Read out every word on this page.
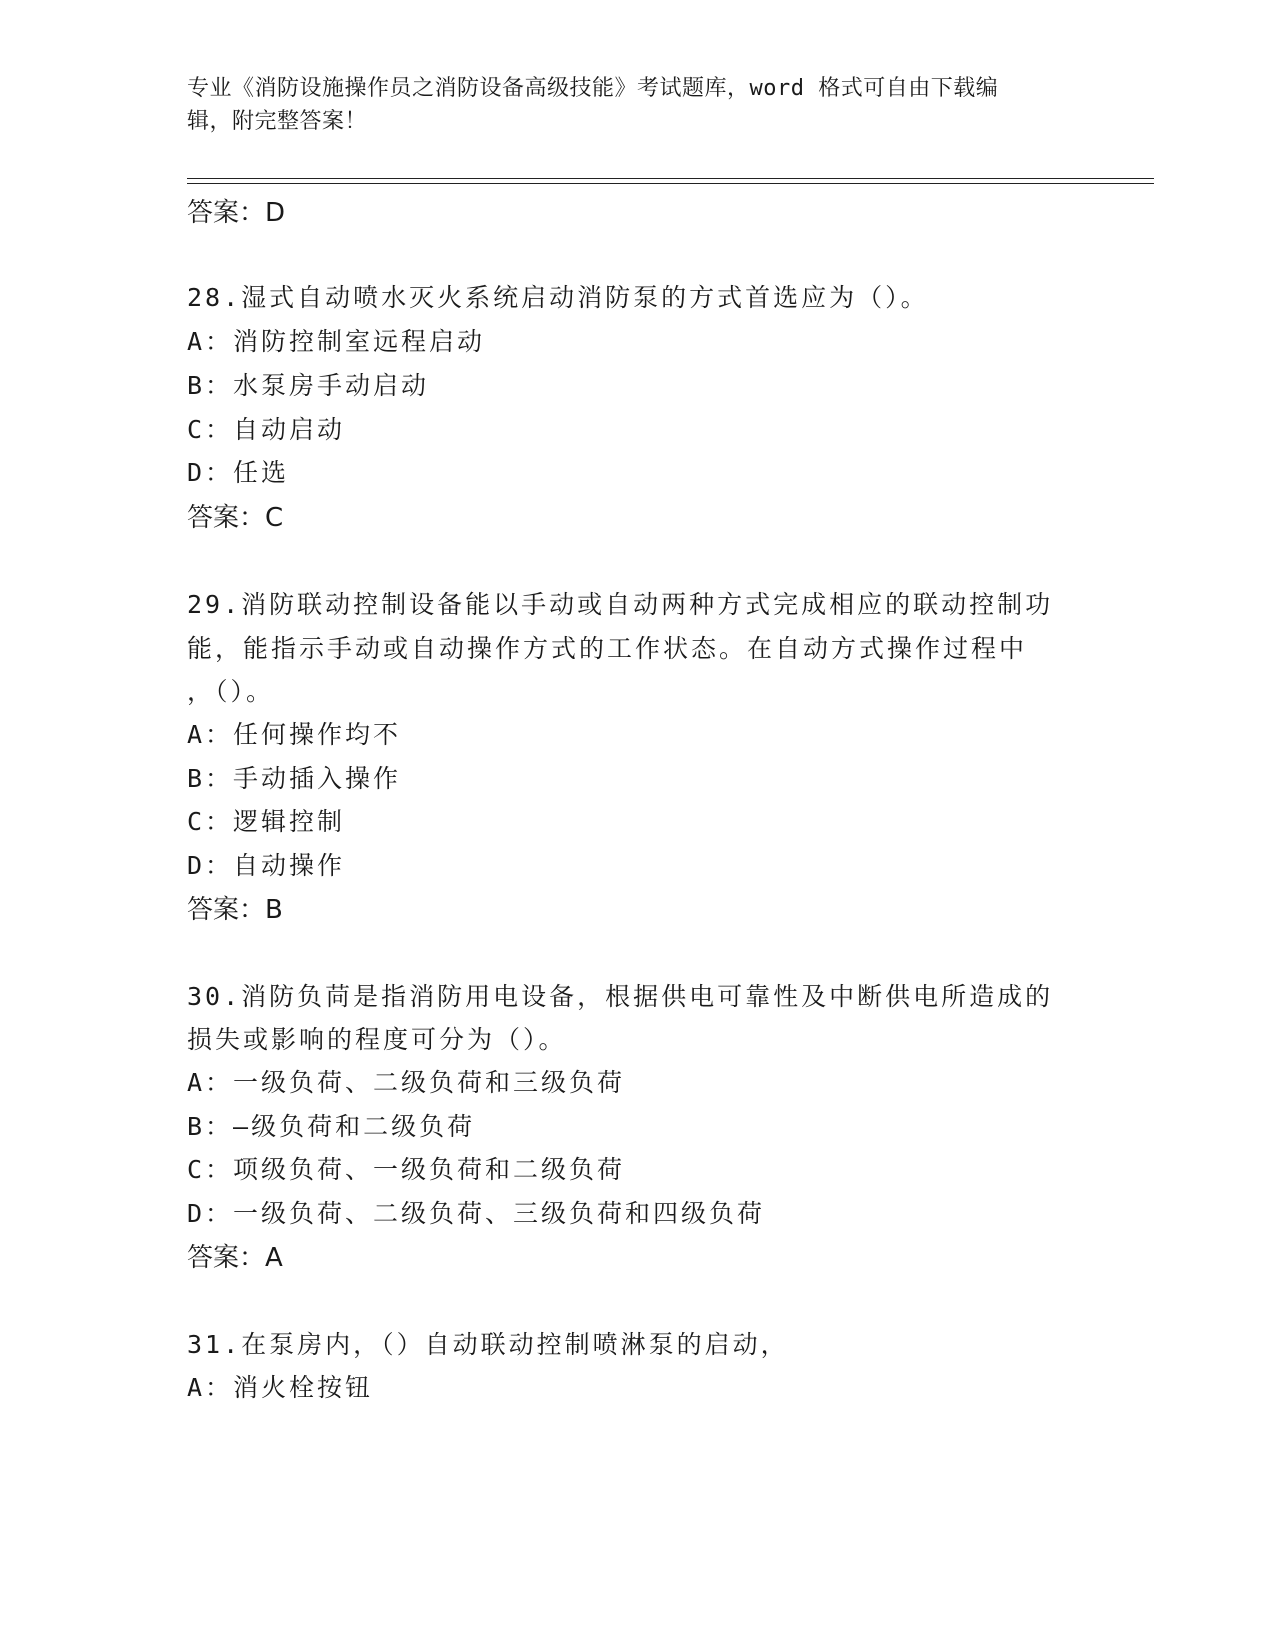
专业《消防设施操作员之消防设备高级技能》考试题库，word 格式可自由下载编
辑，附完整答案！
答案：D
28.湿式自动喷水灭火系统启动消防泵的方式首选应为（）。
A：消防控制室远程启动
B：水泵房手动启动
C：自动启动
D：任选
答案：C
29.消防联动控制设备能以手动或自动两种方式完成相应的联动控制功
能，能指示手动或自动操作方式的工作状态。在自动方式操作过程中
，（）。
A：任何操作均不
B：手动插入操作
C：逻辑控制
D：自动操作
答案：B
30.消防负苘是指消防用电设备，根据供电可靠性及中断供电所造成的
损失或影响的程度可分为（）。
A：一级负荷、二级负荷和三级负荷
B：—级负荷和二级负荷
C：项级负荷、一级负荷和二级负荷
D：一级负荷、二级负荷、三级负荷和四级负荷
答案：A
31.在泵房内，（）自动联动控制喷淋泵的启动，
A：消火栓按钮
